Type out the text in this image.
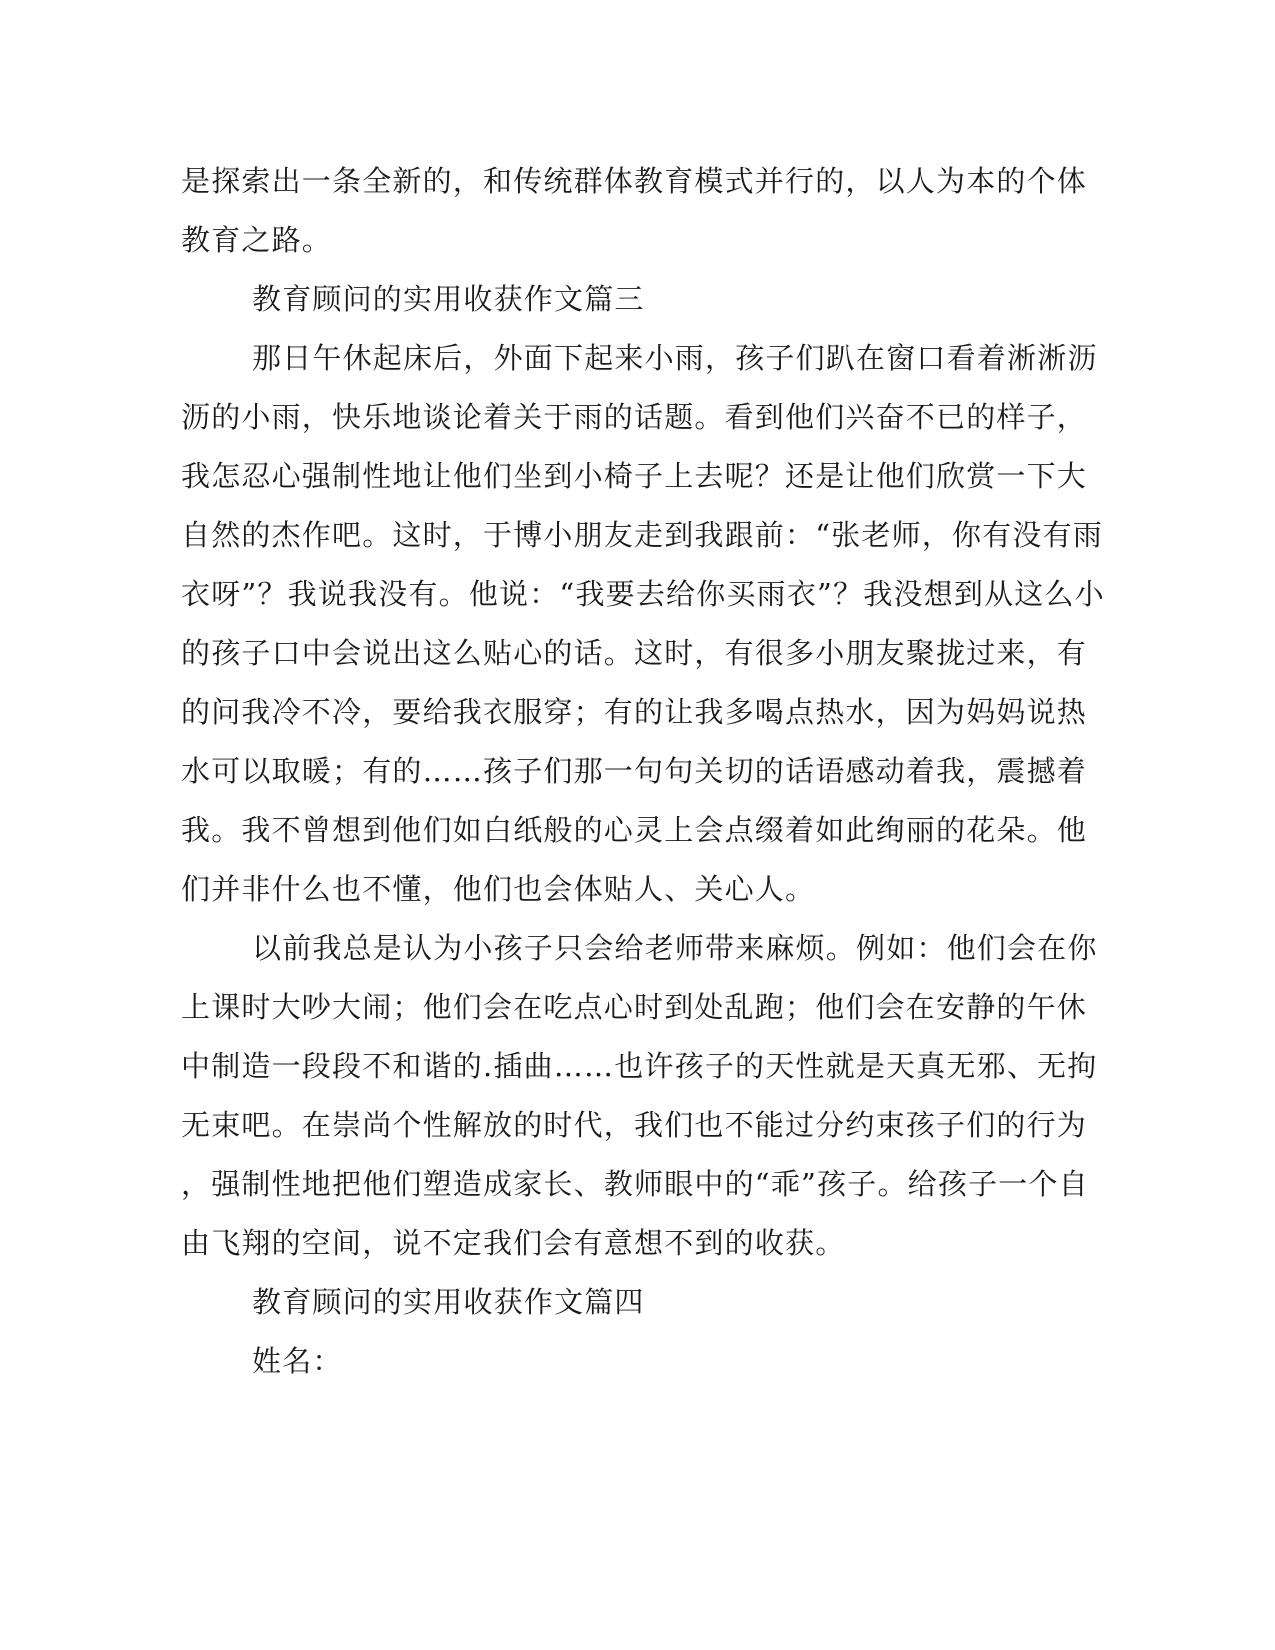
是探索出一条全新的，和传统群体教育模式并行的，以人为本的个体
教育之路。
教育顾问的实用收获作文篇三
那日午休起床后，外面下起来小雨，孩子们趴在窗口看着淅淅沥
沥的小雨，快乐地谈论着关于雨的话题。看到他们兴奋不已的样子，
我怎忍心强制性地让他们坐到小椅子上去呢？还是让他们欣赏一下大
自然的杰作吧。这时，于博小朋友走到我跟前：“张老师，你有没有雨
衣呀”？我说我没有。他说：“我要去给你买雨衣”？我没想到从这么小
的孩子口中会说出这么贴心的话。这时，有很多小朋友聚拢过来，有
的问我冷不冷，要给我衣服穿；有的让我多喝点热水，因为妈妈说热
水可以取暖；有的……孩子们那一句句关切的话语感动着我，震撼着
我。我不曾想到他们如白纸般的心灵上会点缀着如此绚丽的花朵。他
们并非什么也不懂，他们也会体贴人、关心人。
以前我总是认为小孩子只会给老师带来麻烦。例如：他们会在你
上课时大吵大闹；他们会在吃点心时到处乱跑；他们会在安静的午休
中制造一段段不和谐的.插曲……也许孩子的天性就是天真无邪、无拘
无束吧。在崇尚个性解放的时代，我们也不能过分约束孩子们的行为
，强制性地把他们塑造成家长、教师眼中的“乖”孩子。给孩子一个自
由飞翔的空间，说不定我们会有意想不到的收获。
教育顾问的实用收获作文篇四
姓名：
